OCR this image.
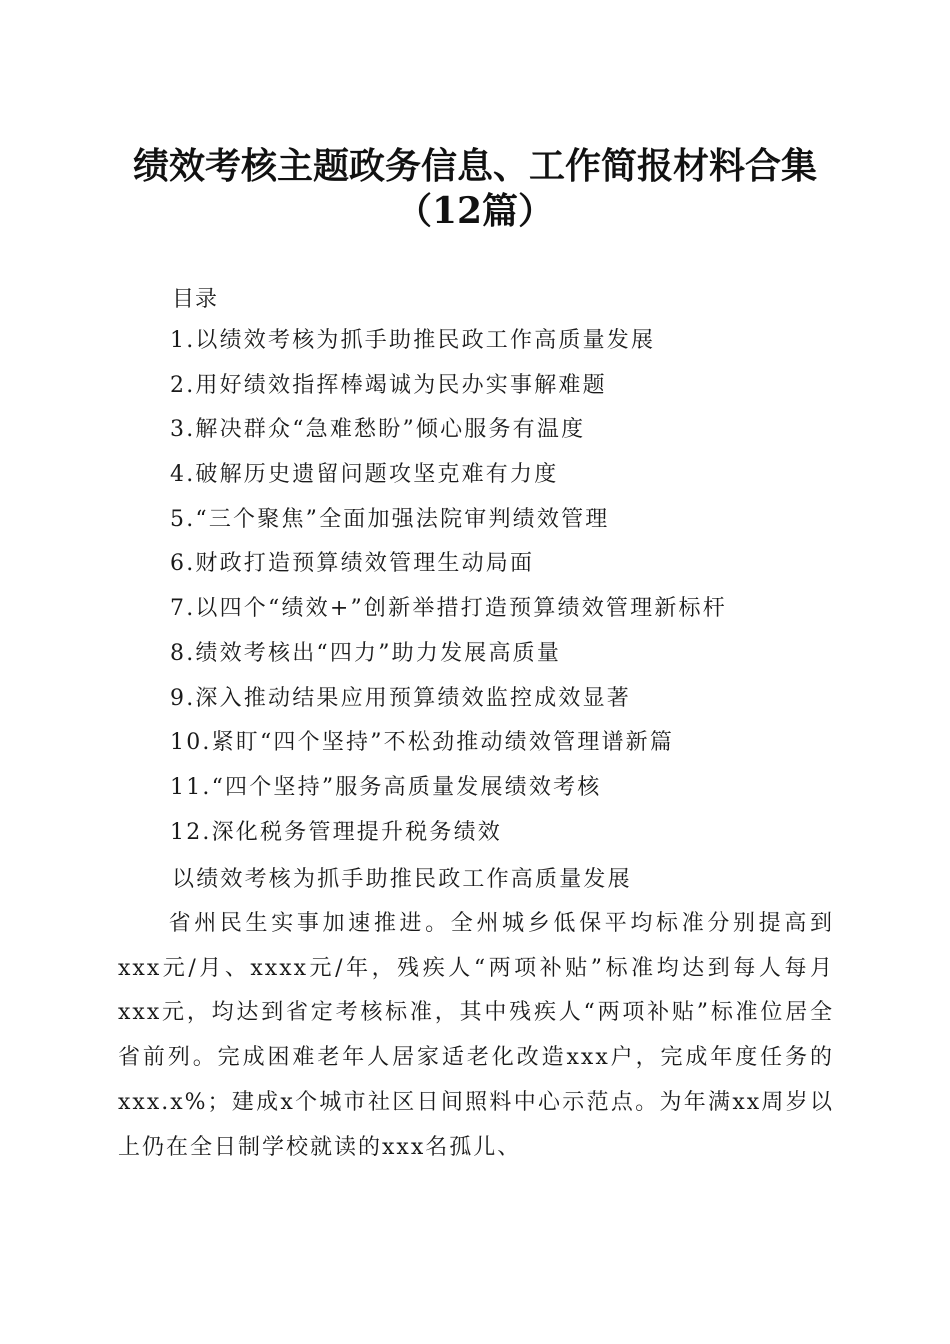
绩效考核主题政务信息、工作简报材料合集
（12篇）
目录
1.以绩效考核为抓手助推民政工作高质量发展
2.用好绩效指挥棒竭诚为民办实事解难题
3.解决群众“急难愁盼”倾心服务有温度
4.破解历史遗留问题攻坚克难有力度
5.“三个聚焦”全面加强法院审判绩效管理
6.财政打造预算绩效管理生动局面
7.以四个“绩效+”创新举措打造预算绩效管理新标杆
8.绩效考核出“四力”助力发展高质量
9.深入推动结果应用预算绩效监控成效显著
10.紧盯“四个坚持”不松劲推动绩效管理谱新篇
11.“四个坚持”服务高质量发展绩效考核
12.深化税务管理提升税务绩效
以绩效考核为抓手助推民政工作高质量发展

省州民生实事加速推进。全州城乡低保平均标准分别提高到xxx元/月、xxxx元/年，残疾人“两项补贴”标准均达到每人每月xxx元，均达到省定考核标准，其中残疾人“两项补贴”标准位居全省前列。完成困难老年人居家适老化改造xxx户，完成年度任务的xxx.x%；建成x个城市社区日间照料中心示范点。为年满xx周岁以上仍在全日制学校就读的xxx名孤儿、
